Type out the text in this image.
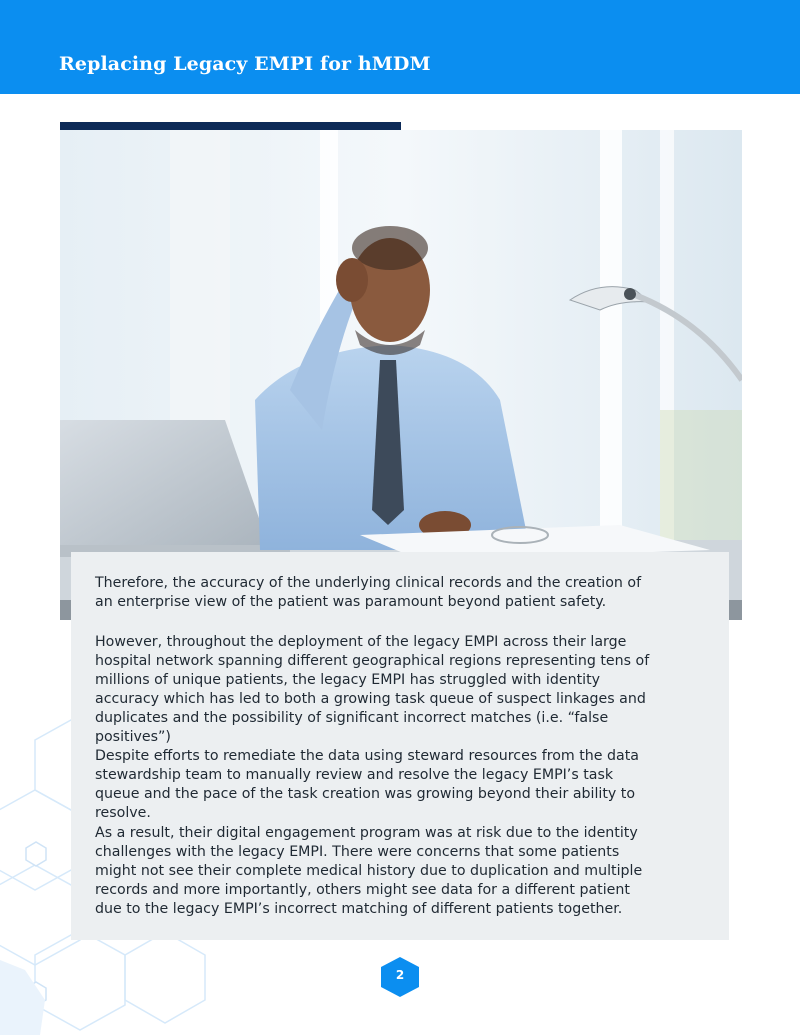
Replacing Legacy EMPI for hMDM

Therefore, the accuracy of the underlying clinical records and the creation of an enterprise view of the patient was paramount beyond patient safety.

However, throughout the deployment of the legacy EMPI across their large hospital network spanning different geographical regions representing tens of millions of unique patients, the legacy EMPI has struggled with identity accuracy which has led to both a growing task queue of suspect linkages and duplicates and the possibility of significant incorrect matches (i.e. “false positives”)

Despite efforts to remediate the data using steward resources from the data stewardship team to manually review and resolve the legacy EMPI’s task queue and the pace of the task creation was growing beyond their ability to resolve.

As a result, their digital engagement program was at risk due to the identity challenges with the legacy EMPI. There were concerns that some patients might not see their complete medical history due to duplication and multiple records and more importantly, others might see data for a different patient due to the legacy EMPI’s incorrect matching of different patients together.

2
